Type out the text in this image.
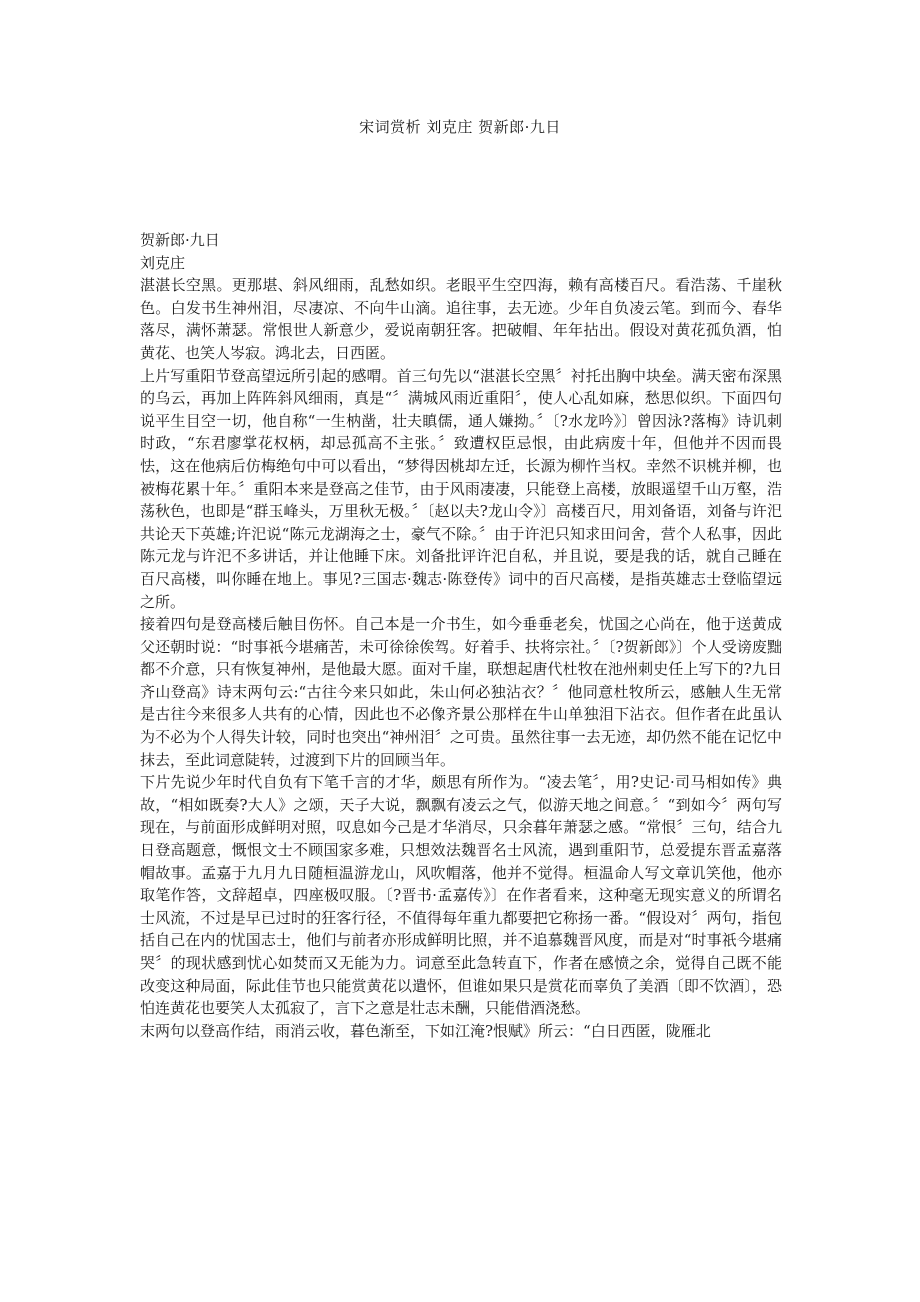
宋词赏析 刘克庄 贺新郎·九日

贺新郎·九日

刘克庄

湛湛长空黑。更那堪、斜风细雨，乱愁如织。老眼平生空四海，赖有高楼百尺。看浩荡、千崖秋色。白发书生神州泪，尽凄凉、不向牛山滴。追往事，去无迹。少年自负凌云笔。到而今、春华落尽，满怀萧瑟。常恨世人新意少，爱说南朝狂客。把破帽、年年拈出。假设对黄花孤负酒，怕黄花、也笑人岑寂。鸿北去，日西匿。

上片写重阳节登高望远所引起的感喟。首三句先以“湛湛长空黑〞衬托出胸中块垒。满天密布深黑的乌云，再加上阵阵斜风细雨，真是“〞满城风雨近重阳〞，使人心乱如麻，愁思似织。下面四句说平生目空一切，他自称“一生枘凿，壮夫瞋儒，通人嫌拗。〞〔?水龙吟》〕曾因泳?落梅》诗讥刺时政，“东君廖掌花权柄，却忌孤高不主张。〞致遭权臣忌恨，由此病废十年，但他并不因而畏怯，这在他病后仿梅绝句中可以看出，“梦得因桃却左迁，长源为柳忤当权。幸然不识桃并柳，也被梅花累十年。〞重阳本来是登高之佳节，由于风雨凄凄，只能登上高楼，放眼遥望千山万壑，浩荡秋色，也即是“群玉峰头，万里秋无极。〞〔赵以夫?龙山令》〕高楼百尺，用刘备语，刘备与许汜共论天下英雄;许汜说“陈元龙湖海之士，豪气不除。〞由于许汜只知求田问舍，营个人私事，因此陈元龙与许汜不多讲话，并让他睡下床。刘备批评许汜自私，并且说，要是我的话，就自己睡在百尺高楼，叫你睡在地上。事见?三国志·魏志·陈登传》词中的百尺高楼，是指英雄志士登临望远之所。

接着四句是登高楼后触目伤怀。自己本是一介书生，如今垂垂老矣，忧国之心尚在，他于送黄成父还朝时说：“时事祇今堪痛苦，未可徐徐俟驾。好着手、扶将宗社。〞〔?贺新郎》〕个人受谤废黜都不介意，只有恢复神州，是他最大愿。面对千崖，联想起唐代杜牧在池州刺史任上写下的?九日齐山登高》诗末两句云:“古往今来只如此，朱山何必独沾衣？〞他同意杜牧所云，感触人生无常是古往今来很多人共有的心情，因此也不必像齐景公那样在牛山单独泪下沾衣。但作者在此虽认为不必为个人得失计较，同时也突出“神州泪〞之可贵。虽然往事一去无迹，却仍然不能在记忆中抹去，至此词意陡转，过渡到下片的回顾当年。

下片先说少年时代自负有下笔千言的才华，颇思有所作为。“凌去笔〞，用?史记·司马相如传》典故，“相如既奏?大人》之颂，天子大说，飘飘有凌云之气，似游天地之间意。〞“到如今〞两句写现在，与前面形成鲜明对照，叹息如今己是才华消尽，只余暮年萧瑟之感。“常恨〞三句，结合九日登高题意，慨恨文士不顾国家多难，只想效法魏晋名士风流，遇到重阳节，总爱提东晋孟嘉落帽故事。孟嘉于九月九日随桓温游龙山，风吹帽落，他并不觉得。桓温命人写文章讥笑他，他亦取笔作答，文辞超卓，四座极叹服。〔?晋书·孟嘉传》〕在作者看来，这种毫无现实意义的所谓名士风流，不过是早已过时的狂客行径，不值得每年重九都要把它称扬一番。“假设对〞两句，指包括自己在内的忧国志士，他们与前者亦形成鲜明比照，并不追慕魏晋风度，而是对“时事祇今堪痛哭〞的现状感到忧心如焚而又无能为力。词意至此急转直下，作者在感愤之余，觉得自己既不能改变这种局面，际此佳节也只能赏黄花以遣怀，但谁如果只是赏花而辜负了美酒〔即不饮酒〕，恐怕连黄花也要笑人太孤寂了，言下之意是壮志未酬，只能借酒浇愁。

末两句以登高作结，雨消云收，暮色渐至，下如江淹?恨赋》所云：“白日西匿，陇雁北
